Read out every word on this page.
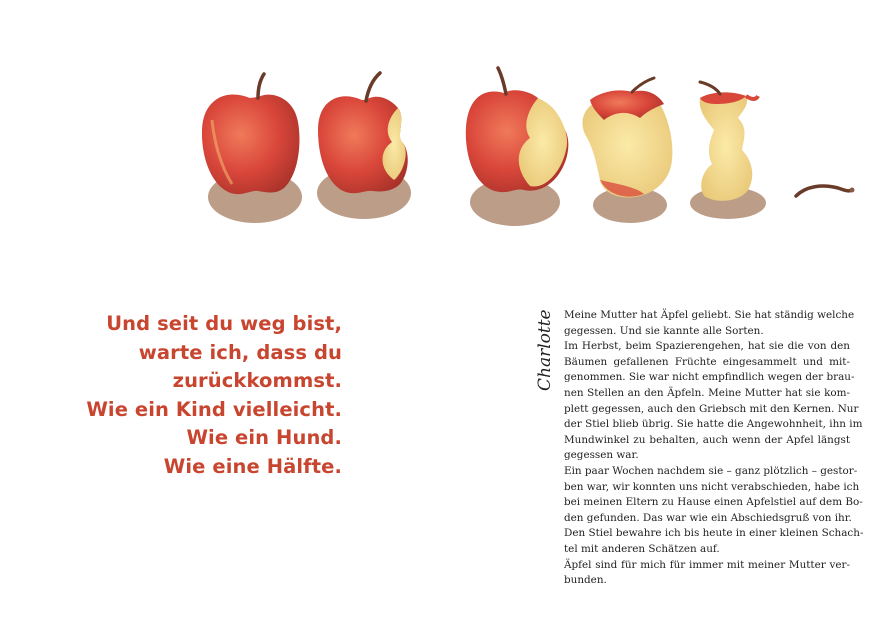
Und seit du weg bist,
warte ich, dass du
zurückkommst.
Wie ein Kind vielleicht.
Wie ein Hund.
Wie eine Hälfte.
Charlotte Meine Mutter hat Äpfel geliebt. Sie hat ständig welche
gegessen. Und sie kannte alle Sorten.
Im Herbst, beim Spazierengehen, hat sie die von den
Bäumen gefallenen Früchte eingesammelt und mit-
genommen. Sie war nicht empfindlich wegen der brau-
nen Stellen an den Äpfeln. Meine Mutter hat sie kom-
plett gegessen, auch den Griebsch mit den Kernen. Nur
der Stiel blieb übrig. Sie hatte die Angewohnheit, ihn im
Mundwinkel zu behalten, auch wenn der Apfel längst
gegessen war.
Ein paar Wochen nachdem sie – ganz plötzlich – gestor-
ben war, wir konnten uns nicht verabschieden, habe ich
bei meinen Eltern zu Hause einen Apfelstiel auf dem Bo-
den gefunden. Das war wie ein Abschiedsgruß von ihr.
Den Stiel bewahre ich bis heute in einer kleinen Schach-
tel mit anderen Schätzen auf.
Äpfel sind für mich für immer mit meiner Mutter ver-
bunden.
